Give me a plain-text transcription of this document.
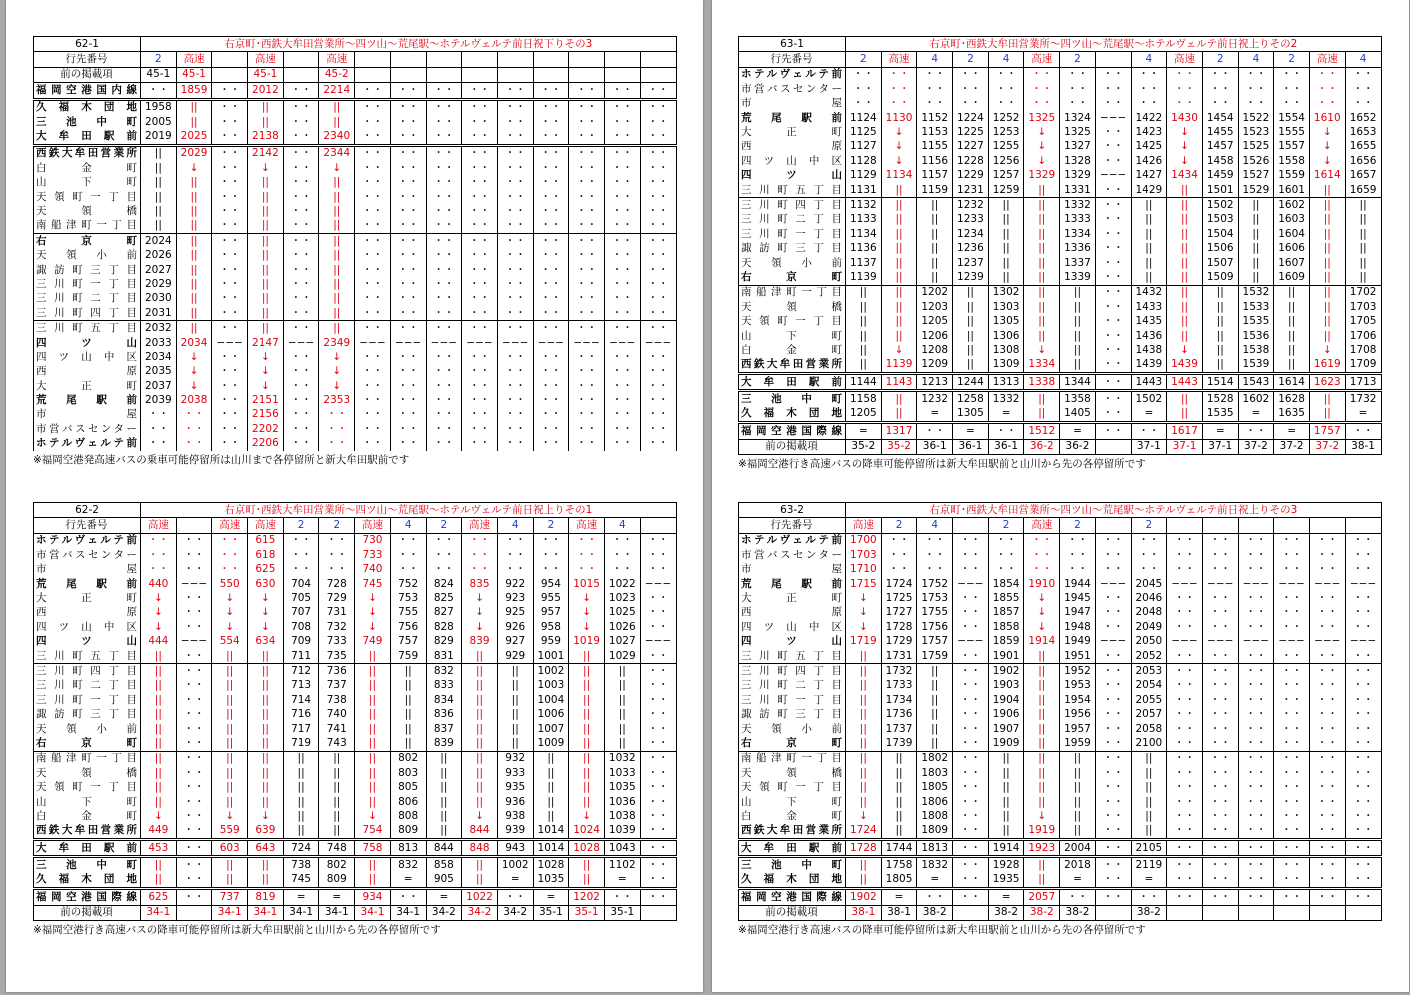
62-1	右京町･西鉄大牟田営業所～四ツ山～荒尾駅～ホテルヴェルテ前日祝下りその3														
行先番号	2	高速		高速		高速									
前の掲載項	45-1	45-1		45-1		45-2									
福岡空港国内線	・・	1859	・・	2012	・・	2214	・・	・・	・・	・・	・・	・・	・・	・・	・・
久福木団地	1958	||	・・	||	・・	||	・・	・・	・・	・・	・・	・・	・・	・・	・・
三池中町	2005	||	・・	||	・・	||	・・	・・	・・	・・	・・	・・	・・	・・	・・
大牟田駅前	2019	2025	・・	2138	・・	2340	・・	・・	・・	・・	・・	・・	・・	・・	・・
西鉄大牟田営業所	||	2029	・・	2142	・・	2344	・・	・・	・・	・・	・・	・・	・・	・・	・・
白金町	||	↓	・・	↓	・・	↓	・・	・・	・・	・・	・・	・・	・・	・・	・・
山下町	||	||	・・	||	・・	||	・・	・・	・・	・・	・・	・・	・・	・・	・・
天領町一丁目	||	||	・・	||	・・	||	・・	・・	・・	・・	・・	・・	・・	・・	・・
天領橋	||	||	・・	||	・・	||	・・	・・	・・	・・	・・	・・	・・	・・	・・
南船津町一丁目	||	||	・・	||	・・	||	・・	・・	・・	・・	・・	・・	・・	・・	・・
右京町	2024	||	・・	||	・・	||	・・	・・	・・	・・	・・	・・	・・	・・	・・
天領小前	2026	||	・・	||	・・	||	・・	・・	・・	・・	・・	・・	・・	・・	・・
諏訪町三丁目	2027	||	・・	||	・・	||	・・	・・	・・	・・	・・	・・	・・	・・	・・
三川町一丁目	2029	||	・・	||	・・	||	・・	・・	・・	・・	・・	・・	・・	・・	・・
三川町二丁目	2030	||	・・	||	・・	||	・・	・・	・・	・・	・・	・・	・・	・・	・・
三川町四丁目	2031	||	・・	||	・・	||	・・	・・	・・	・・	・・	・・	・・	・・	・・
三川町五丁目	2032	||	・・	||	・・	||	・・	・・	・・	・・	・・	・・	・・	・・	・・
四ツ山	2033	2034	−−−	2147	−−−	2349	−−−	−−−	−−−	−−−	−−−	−−−	−−−	−−−	−−−
四ツ山中区	2034	↓	・・	↓	・・	↓	・・	・・	・・	・・	・・	・・	・・	・・	・・
西原	2035	↓	・・	↓	・・	↓	・・	・・	・・	・・	・・	・・	・・	・・	・・
大正町	2037	↓	・・	↓	・・	↓	・・	・・	・・	・・	・・	・・	・・	・・	・・
荒尾駅前	2039	2038	・・	2151	・・	2353	・・	・・	・・	・・	・・	・・	・・	・・	・・
市屋	・・	・・	・・	2156	・・	・・	・・	・・	・・	・・	・・	・・	・・	・・	・・
市営バスセンター	・・	・・	・・	2202	・・	・・	・・	・・	・・	・・	・・	・・	・・	・・	・・
ホテルヴェルテ前	・・	・・	・・	2206	・・	・・	・・	・・	・・	・・	・・	・・	・・	・・	・・
※福岡空港発高速バスの乗車可能停留所は山川まで各停留所と新大牟田駅前です
63-1	右京町･西鉄大牟田営業所～四ツ山～荒尾駅～ホテルヴェルテ前日祝上りその2														
行先番号	2	高速	4	2	4	高速	2		4	高速	2	4	2	高速	4
ホテルヴェルテ前	・・	・・	・・	・・	・・	・・	・・	・・	・・	・・	・・	・・	・・	・・	・・
市営バスセンター	・・	・・	・・	・・	・・	・・	・・	・・	・・	・・	・・	・・	・・	・・	・・
市屋	・・	・・	・・	・・	・・	・・	・・	・・	・・	・・	・・	・・	・・	・・	・・
荒尾駅前	1124	1130	1152	1224	1252	1325	1324	−−−	1422	1430	1454	1522	1554	1610	1652
大正町	1125	↓	1153	1225	1253	↓	1325	・・	1423	↓	1455	1523	1555	↓	1653
西原	1127	↓	1155	1227	1255	↓	1327	・・	1425	↓	1457	1525	1557	↓	1655
四ツ山中区	1128	↓	1156	1228	1256	↓	1328	・・	1426	↓	1458	1526	1558	↓	1656
四ツ山	1129	1134	1157	1229	1257	1329	1329	−−−	1427	1434	1459	1527	1559	1614	1657
三川町五丁目	1131	||	1159	1231	1259	||	1331	・・	1429	||	1501	1529	1601	||	1659
三川町四丁目	1132	||	||	1232	||	||	1332	・・	||	||	1502	||	1602	||	||
三川町二丁目	1133	||	||	1233	||	||	1333	・・	||	||	1503	||	1603	||	||
三川町一丁目	1134	||	||	1234	||	||	1334	・・	||	||	1504	||	1604	||	||
諏訪町三丁目	1136	||	||	1236	||	||	1336	・・	||	||	1506	||	1606	||	||
天領小前	1137	||	||	1237	||	||	1337	・・	||	||	1507	||	1607	||	||
右京町	1139	||	||	1239	||	||	1339	・・	||	||	1509	||	1609	||	||
南船津町一丁目	||	||	1202	||	1302	||	||	・・	1432	||	||	1532	||	||	1702
天領橋	||	||	1203	||	1303	||	||	・・	1433	||	||	1533	||	||	1703
天領町一丁目	||	||	1205	||	1305	||	||	・・	1435	||	||	1535	||	||	1705
山下町	||	||	1206	||	1306	||	||	・・	1436	||	||	1536	||	||	1706
白金町	||	↓	1208	||	1308	↓	||	・・	1438	↓	||	1538	||	↓	1708
西鉄大牟田営業所	||	1139	1209	||	1309	1334	||	・・	1439	1439	||	1539	||	1619	1709
大牟田駅前	1144	1143	1213	1244	1313	1338	1344	・・	1443	1443	1514	1543	1614	1623	1713
三池中町	1158	||	1232	1258	1332	||	1358	・・	1502	||	1528	1602	1628	||	1732
久福木団地	1205	||	=	1305	=	||	1405	・・	=	||	1535	=	1635	||	=
福岡空港国際線	=	1317	・・	=	・・	1512	=	・・	・・	1617	=	・・	=	1757	・・
前の掲載項	35-2	35-2	36-1	36-1	36-1	36-2	36-2		37-1	37-1	37-1	37-2	37-2	37-2	38-1
※福岡空港行き高速バスの降車可能停留所は新大牟田駅前と山川から先の各停留所です
62-2	右京町･西鉄大牟田営業所～四ツ山～荒尾駅～ホテルヴェルテ前日祝上りその1														
行先番号	高速		高速	高速	2	2	高速	4	2	高速	4	2	高速	4	
ホテルヴェルテ前	・・	・・	・・	615	・・	・・	730	・・	・・	・・	・・	・・	・・	・・	・・
市営バスセンター	・・	・・	・・	618	・・	・・	733	・・	・・	・・	・・	・・	・・	・・	・・
市屋	・・	・・	・・	625	・・	・・	740	・・	・・	・・	・・	・・	・・	・・	・・
荒尾駅前	440	−−−	550	630	704	728	745	752	824	835	922	954	1015	1022	−−−
大正町	↓	・・	↓	↓	705	729	↓	753	825	↓	923	955	↓	1023	・・
西原	↓	・・	↓	↓	707	731	↓	755	827	↓	925	957	↓	1025	・・
四ツ山中区	↓	・・	↓	↓	708	732	↓	756	828	↓	926	958	↓	1026	・・
四ツ山	444	−−−	554	634	709	733	749	757	829	839	927	959	1019	1027	−−−
三川町五丁目	||	・・	||	||	711	735	||	759	831	||	929	1001	||	1029	・・
三川町四丁目	||	・・	||	||	712	736	||	||	832	||	||	1002	||	||	・・
三川町二丁目	||	・・	||	||	713	737	||	||	833	||	||	1003	||	||	・・
三川町一丁目	||	・・	||	||	714	738	||	||	834	||	||	1004	||	||	・・
諏訪町三丁目	||	・・	||	||	716	740	||	||	836	||	||	1006	||	||	・・
天領小前	||	・・	||	||	717	741	||	||	837	||	||	1007	||	||	・・
右京町	||	・・	||	||	719	743	||	||	839	||	||	1009	||	||	・・
南船津町一丁目	||	・・	||	||	||	||	||	802	||	||	932	||	||	1032	・・
天領橋	||	・・	||	||	||	||	||	803	||	||	933	||	||	1033	・・
天領町一丁目	||	・・	||	||	||	||	||	805	||	||	935	||	||	1035	・・
山下町	||	・・	||	||	||	||	||	806	||	||	936	||	||	1036	・・
白金町	↓	・・	↓	↓	||	||	↓	808	||	↓	938	||	↓	1038	・・
西鉄大牟田営業所	449	・・	559	639	||	||	754	809	||	844	939	1014	1024	1039	・・
大牟田駅前	453	・・	603	643	724	748	758	813	844	848	943	1014	1028	1043	・・
三池中町	||	・・	||	||	738	802	||	832	858	||	1002	1028	||	1102	・・
久福木団地	||	・・	||	||	745	809	||	=	905	||	=	1035	||	=	・・
福岡空港国際線	625	・・	737	819	=	=	934	・・	=	1022	・・	=	1202	・・	・・
前の掲載項	34-1		34-1	34-1	34-1	34-1	34-1	34-1	34-2	34-2	34-2	35-1	35-1	35-1	
※福岡空港行き高速バスの降車可能停留所は新大牟田駅前と山川から先の各停留所です
63-2	右京町･西鉄大牟田営業所～四ツ山～荒尾駅～ホテルヴェルテ前日祝上りその3														
行先番号	高速	2	4		2	高速	2		2						
ホテルヴェルテ前	1700	・・	・・	・・	・・	・・	・・	・・	・・	・・	・・	・・	・・	・・	・・
市営バスセンター	1703	・・	・・	・・	・・	・・	・・	・・	・・	・・	・・	・・	・・	・・	・・
市屋	1710	・・	・・	・・	・・	・・	・・	・・	・・	・・	・・	・・	・・	・・	・・
荒尾駅前	1715	1724	1752	−−−	1854	1910	1944	−−−	2045	−−−	−−−	−−−	−−−	−−−	−−−
大正町	↓	1725	1753	・・	1855	↓	1945	・・	2046	・・	・・	・・	・・	・・	・・
西原	↓	1727	1755	・・	1857	↓	1947	・・	2048	・・	・・	・・	・・	・・	・・
四ツ山中区	↓	1728	1756	・・	1858	↓	1948	・・	2049	・・	・・	・・	・・	・・	・・
四ツ山	1719	1729	1757	−−−	1859	1914	1949	−−−	2050	−−−	−−−	−−−	−−−	−−−	−−−
三川町五丁目	||	1731	1759	・・	1901	||	1951	・・	2052	・・	・・	・・	・・	・・	・・
三川町四丁目	||	1732	||	・・	1902	||	1952	・・	2053	・・	・・	・・	・・	・・	・・
三川町二丁目	||	1733	||	・・	1903	||	1953	・・	2054	・・	・・	・・	・・	・・	・・
三川町一丁目	||	1734	||	・・	1904	||	1954	・・	2055	・・	・・	・・	・・	・・	・・
諏訪町三丁目	||	1736	||	・・	1906	||	1956	・・	2057	・・	・・	・・	・・	・・	・・
天領小前	||	1737	||	・・	1907	||	1957	・・	2058	・・	・・	・・	・・	・・	・・
右京町	||	1739	||	・・	1909	||	1959	・・	2100	・・	・・	・・	・・	・・	・・
南船津町一丁目	||	||	1802	・・	||	||	||	・・	||	・・	・・	・・	・・	・・	・・
天領橋	||	||	1803	・・	||	||	||	・・	||	・・	・・	・・	・・	・・	・・
天領町一丁目	||	||	1805	・・	||	||	||	・・	||	・・	・・	・・	・・	・・	・・
山下町	||	||	1806	・・	||	||	||	・・	||	・・	・・	・・	・・	・・	・・
白金町	↓	||	1808	・・	||	↓	||	・・	||	・・	・・	・・	・・	・・	・・
西鉄大牟田営業所	1724	||	1809	・・	||	1919	||	・・	||	・・	・・	・・	・・	・・	・・
大牟田駅前	1728	1744	1813	・・	1914	1923	2004	・・	2105	・・	・・	・・	・・	・・	・・
三池中町	||	1758	1832	・・	1928	||	2018	・・	2119	・・	・・	・・	・・	・・	・・
久福木団地	||	1805	=	・・	1935	||	=	・・	=	・・	・・	・・	・・	・・	・・
福岡空港国際線	1902	=	・・	・・	=	2057	・・	・・	・・	・・	・・	・・	・・	・・	・・
前の掲載項	38-1	38-1	38-2		38-2	38-2	38-2		38-2						
※福岡空港行き高速バスの降車可能停留所は新大牟田駅前と山川から先の各停留所です
